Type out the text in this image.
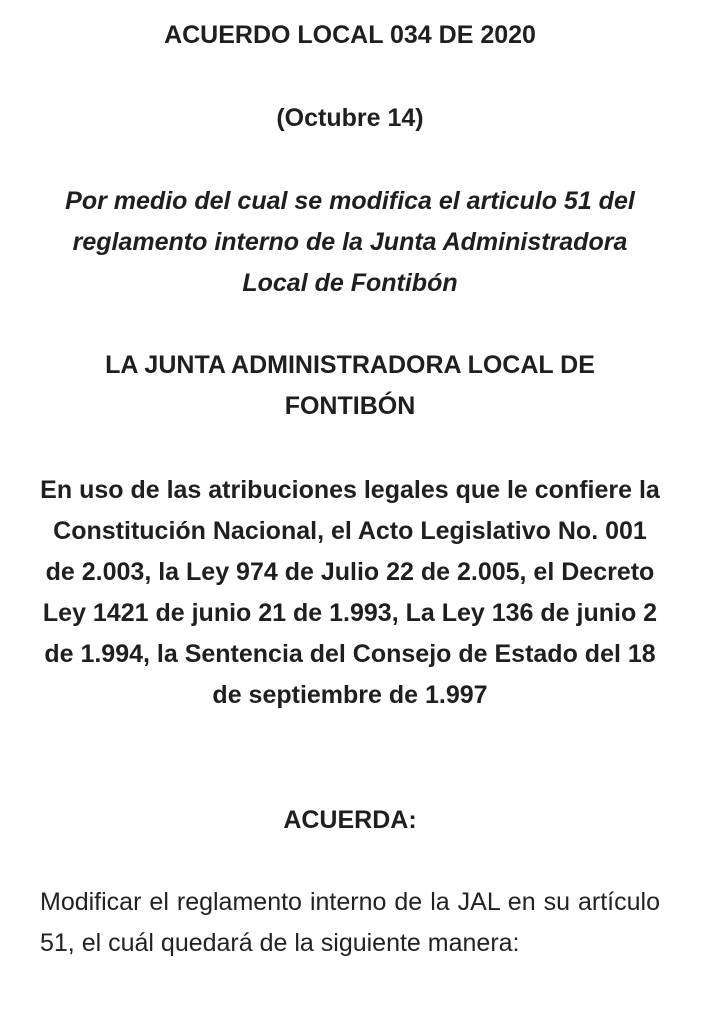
ACUERDO LOCAL 034 DE 2020

(Octubre 14)

Por medio del cual se modifica el articulo 51 del reglamento interno de la Junta Administradora Local de Fontibón

LA JUNTA ADMINISTRADORA LOCAL DE FONTIBÓN

En uso de las atribuciones legales que le confiere la Constitución Nacional, el Acto Legislativo No. 001 de 2.003, la Ley 974 de Julio 22 de 2.005, el Decreto Ley 1421 de junio 21 de 1.993, La Ley 136 de junio 2 de 1.994, la Sentencia del Consejo de Estado del 18 de septiembre de 1.997

ACUERDA:

Modificar el reglamento interno de la JAL en su artículo 51, el cuál quedará de la siguiente manera:
